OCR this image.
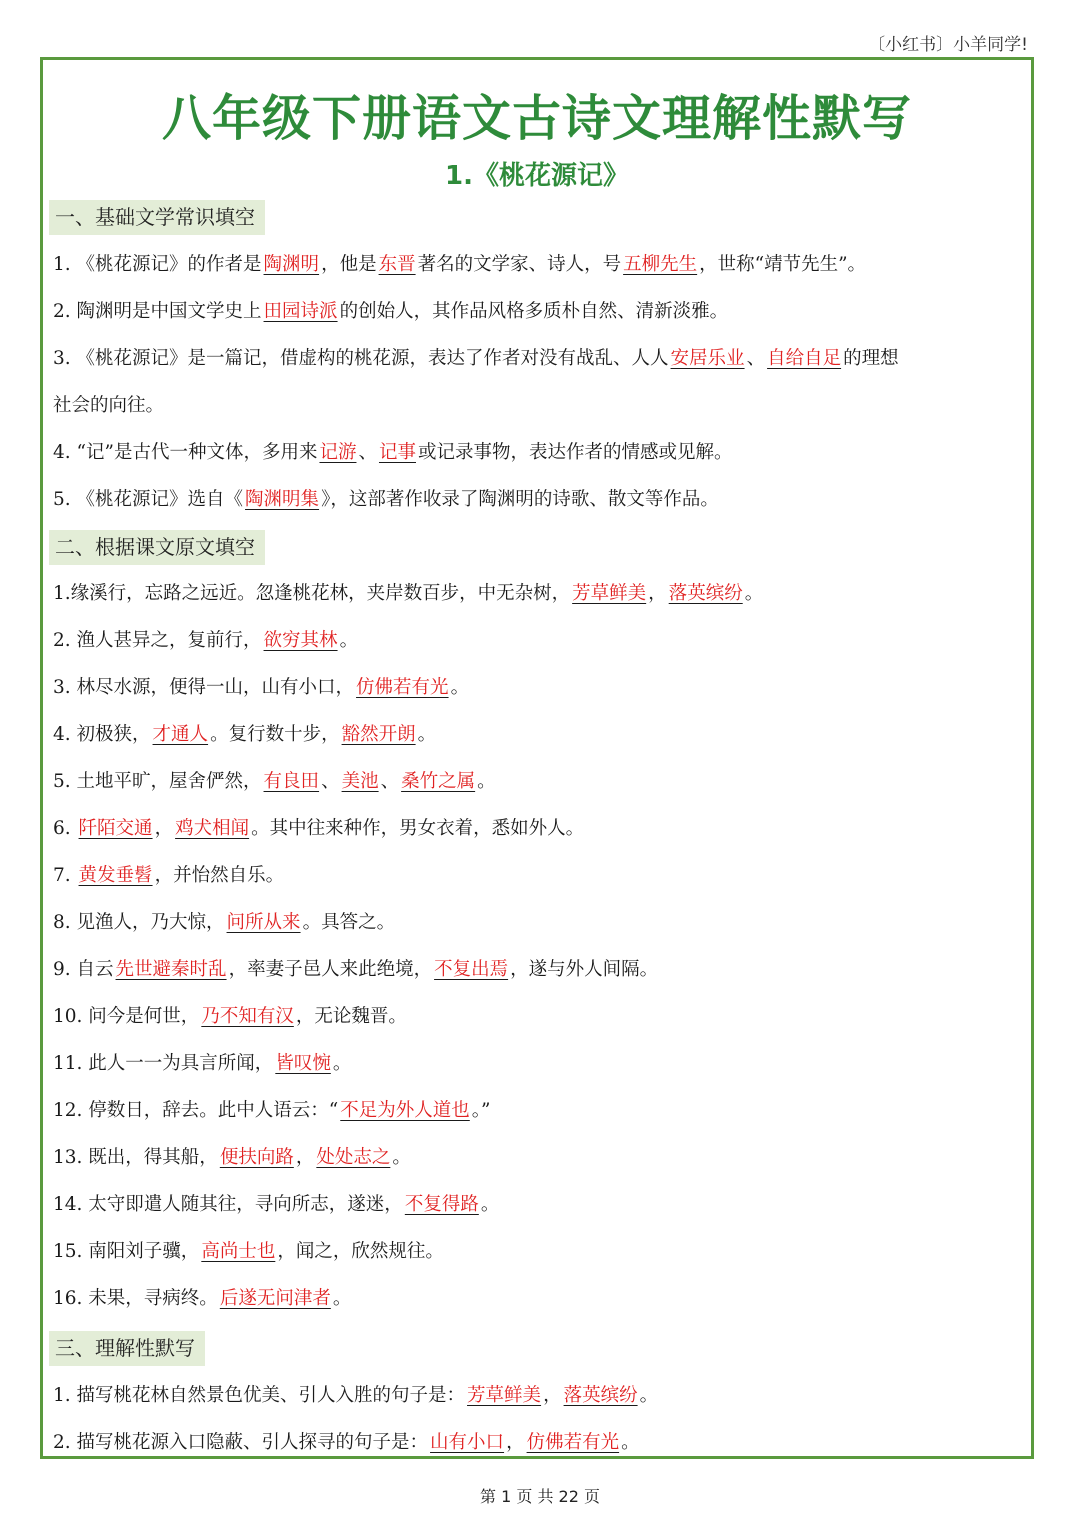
〔小红书〕小羊同学!
八年级下册语文古诗文理解性默写
1.《桃花源记》
一、基础文学常识填空
1. 《桃花源记》的作者是 陶渊明 ，他是 东晋 著名的文学家、诗人，号 五柳先生 ，世称“靖节先生”。
2. 陶渊明是中国文学史上 田园诗派 的创始人，其作品风格多质朴自然、清新淡雅。
3. 《桃花源记》是一篇记，借虚构的桃花源，表达了作者对没有战乱、人人 安居乐业 、 自给自足 的理想
社会的向往。
4. “记”是古代一种文体，多用来 记游 、 记事 或记录事物，表达作者的情感或见解。
5. 《桃花源记》选自《 陶渊明集 》，这部著作收录了陶渊明的诗歌、散文等作品。
二、根据课文原文填空
1.缘溪行，忘路之远近。忽逢桃花林，夹岸数百步，中无杂树， 芳草鲜美 ， 落英缤纷 。
2. 渔人甚异之，复前行， 欲穷其林 。
3. 林尽水源，便得一山，山有小口， 仿佛若有光 。
4. 初极狭， 才通人 。复行数十步， 豁然开朗 。
5. 土地平旷，屋舍俨然， 有良田 、 美池 、 桑竹之属 。
6. 阡陌交通 ， 鸡犬相闻 。其中往来种作，男女衣着，悉如外人。
7. 黄发垂髫 ，并怡然自乐。
8. 见渔人，乃大惊， 问所从来 。具答之。
9. 自云 先世避秦时乱 ，率妻子邑人来此绝境， 不复出焉 ，遂与外人间隔。
10. 问今是何世， 乃不知有汉 ，无论魏晋。
11. 此人一一为具言所闻， 皆叹惋 。
12. 停数日，辞去。此中人语云：“ 不足为外人道也 。”
13. 既出，得其船， 便扶向路 ， 处处志之 。
14. 太守即遣人随其往，寻向所志，遂迷， 不复得路 。
15. 南阳刘子骥， 高尚士也 ，闻之，欣然规往。
16. 未果，寻病终。 后遂无问津者 。
三、理解性默写
1. 描写桃花林自然景色优美、引人入胜的句子是： 芳草鲜美 ， 落英缤纷 。
2. 描写桃花源入口隐蔽、引人探寻的句子是： 山有小口 ， 仿佛若有光 。
第 1 页 共 22 页
